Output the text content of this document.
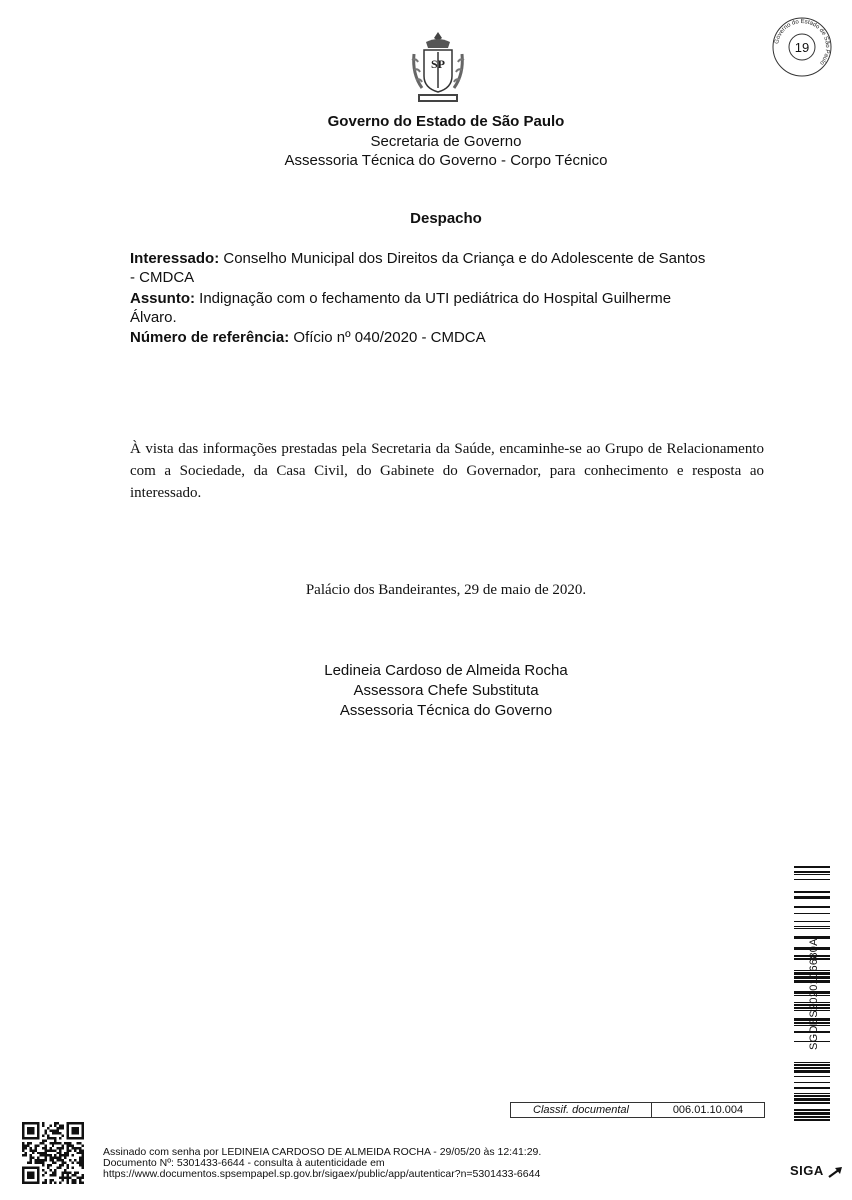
SP
Governo do Estado de São Paulo
19
Governo do Estado de São Paulo
Secretaria de Governo
Assessoria Técnica do Governo - Corpo Técnico
Despacho
Interessado: Conselho Municipal dos Direitos da Criança e do Adolescente de Santos
- CMDCA
Assunto: Indignação com o fechamento da UTI pediátrica do Hospital Guilherme
Álvaro.
Número de referência: Ofício nº 040/2020 - CMDCA
À vista das informações prestadas pela Secretaria da Saúde, encaminhe-se ao Grupo de Relacionamento com a Sociedade, da Casa Civil, do Gabinete do Governador, para conhecimento e resposta ao interessado.
Palácio dos Bandeirantes, 29 de maio de 2020.
Ledineia Cardoso de Almeida Rocha
Assessora Chefe Substituta
Assessoria Técnica do Governo
SGDES2020106680A
Classif. documental	006.01.10.004
Assinado com senha por LEDINEIA CARDOSO DE ALMEIDA ROCHA - 29/05/20 às 12:41:29.
Documento Nº: 5301433-6644 - consulta à autenticidade em
https://www.documentos.spsempapel.sp.gov.br/sigaex/public/app/autenticar?n=5301433-6644	SIGA
